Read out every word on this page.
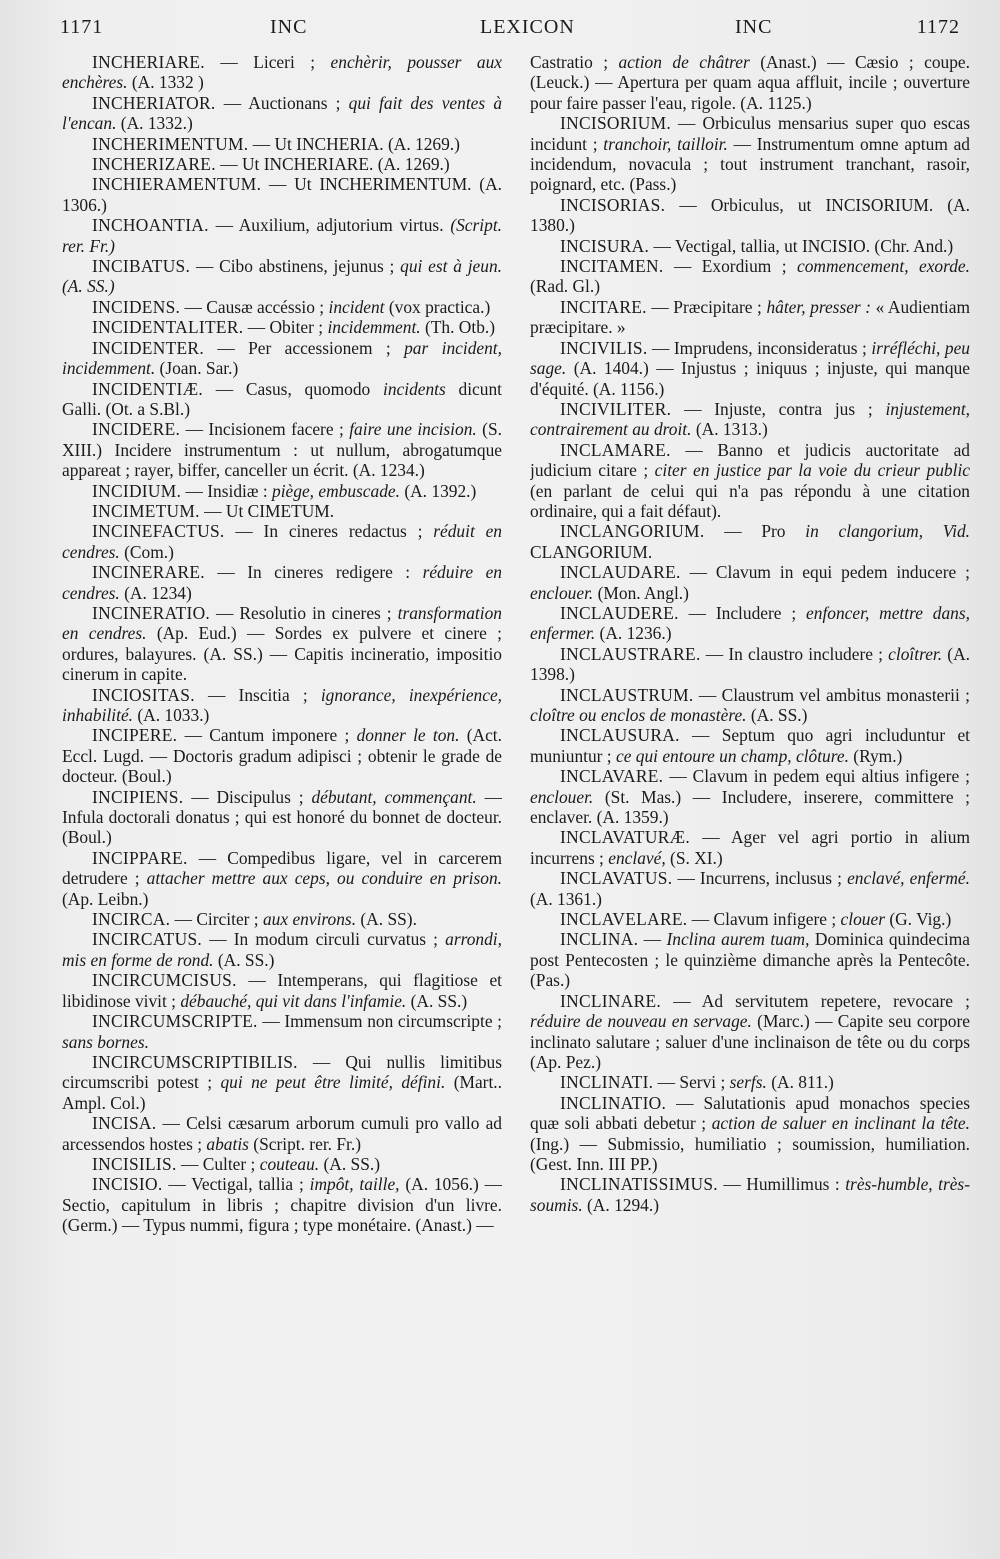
1171	INC	LEXICON	INC	1172

INCHERIARE. — Liceri ; enchèrir, pousser aux enchères. (A. 1332 )

INCHERIATOR. — Auctionans ; qui fait des ventes à l'encan. (A. 1332.)

INCHERIMENTUM. — Ut INCHERIA. (A. 1269.)

INCHERIZARE. — Ut INCHERIARE. (A. 1269.)

INCHIERAMENTUM. — Ut INCHERIMENTUM. (A. 1306.)

INCHOANTIA. — Auxilium, adjutorium virtus. (Script. rer. Fr.)

INCIBATUS. — Cibo abstinens, jejunus ; qui est à jeun. (A. SS.)

INCIDENS. — Causæ accéssio ; incident (vox practica.)

INCIDENTALITER. — Obiter ; incidemment. (Th. Otb.)

INCIDENTER. — Per accessionem ; par incident, incidemment. (Joan. Sar.)

INCIDENTIÆ. — Casus, quomodo incidents dicunt Galli. (Ot. a S.Bl.)

INCIDERE. — Incisionem facere ; faire une incision. (S. XIII.) Incidere instrumentum : ut nullum, abrogatumque appareat ; rayer, biffer, canceller un écrit. (A. 1234.)

INCIDIUM. — Insidiæ : piège, embuscade. (A. 1392.)

INCIMETUM. — Ut CIMETUM.

INCINEFACTUS. — In cineres redactus ; réduit en cendres. (Com.)

INCINERARE. — In cineres redigere : réduire en cendres. (A. 1234)

INCINERATIO. — Resolutio in cineres ; transformation en cendres. (Ap. Eud.) — Sordes ex pulvere et cinere ; ordures, balayures. (A. SS.) — Capitis incineratio, impositio cinerum in capite.

INCIOSITAS. — Inscitia ; ignorance, inexpérience, inhabilité. (A. 1033.)

INCIPERE. — Cantum imponere ; donner le ton. (Act. Eccl. Lugd. — Doctoris gradum adipisci ; obtenir le grade de docteur. (Boul.)

INCIPIENS. — Discipulus ; débutant, commençant. — Infula doctorali donatus ; qui est honoré du bonnet de docteur. (Boul.)

INCIPPARE. — Compedibus ligare, vel in carcerem detrudere ; attacher mettre aux ceps, ou conduire en prison. (Ap. Leibn.)

INCIRCA. — Circiter ; aux environs. (A. SS).

INCIRCATUS. — In modum circuli curvatus ; arrondi, mis en forme de rond. (A. SS.)

INCIRCUMCISUS. — Intemperans, qui flagitiose et libidinose vivit ; débauché, qui vit dans l'infamie. (A. SS.)

INCIRCUMSCRIPTE. — Immensum non circumscripte ; sans bornes.

INCIRCUMSCRIPTIBILIS. — Qui nullis limitibus circumscribi potest ; qui ne peut être limité, défini. (Mart.. Ampl. Col.)

INCISA. — Celsi cæsarum arborum cumuli pro vallo ad arcessendos hostes ; abatis (Script. rer. Fr.)

INCISILIS. — Culter ; couteau. (A. SS.)

INCISIO. — Vectigal, tallia ; impôt, taille, (A. 1056.) — Sectio, capitulum in libris ; chapitre division d'un livre. (Germ.) — Typus nummi, figura ; type monétaire. (Anast.) —

Castratio ; action de châtrer (Anast.) — Cæsio ; coupe. (Leuck.) — Apertura per quam aqua affluit, incile ; ouverture pour faire passer l'eau, rigole. (A. 1125.)

INCISORIUM. — Orbiculus mensarius super quo escas incidunt ; tranchoir, tailloir. — Instrumentum omne aptum ad incidendum, novacula ; tout instrument tranchant, rasoir, poignard, etc. (Pass.)

INCISORIAS. — Orbiculus, ut INCISORIUM. (A. 1380.)

INCISURA. — Vectigal, tallia, ut INCISIO. (Chr. And.)

INCITAMEN. — Exordium ; commencement, exorde. (Rad. Gl.)

INCITARE. — Præcipitare ; hâter, presser : « Audientiam præcipitare. »

INCIVILIS. — Imprudens, inconsideratus ; irréfléchi, peu sage. (A. 1404.) — Injustus ; iniquus ; injuste, qui manque d'équité. (A. 1156.)

INCIVILITER. — Injuste, contra jus ; injustement, contrairement au droit. (A. 1313.)

INCLAMARE. — Banno et judicis auctoritate ad judicium citare ; citer en justice par la voie du crieur public (en parlant de celui qui n'a pas répondu à une citation ordinaire, qui a fait défaut).

INCLANGORIUM. — Pro in clangorium, Vid. CLANGORIUM.

INCLAUDARE. — Clavum in equi pedem inducere ; enclouer. (Mon. Angl.)

INCLAUDERE. — Includere ; enfoncer, mettre dans, enfermer. (A. 1236.)

INCLAUSTRARE. — In claustro includere ; cloîtrer. (A. 1398.)

INCLAUSTRUM. — Claustrum vel ambitus monasterii ; cloître ou enclos de monastère. (A. SS.)

INCLAUSURA. — Septum quo agri includuntur et muniuntur ; ce qui entoure un champ, clôture. (Rym.)

INCLAVARE. — Clavum in pedem equi altius infigere ; enclouer. (St. Mas.) — Includere, inserere, committere ; enclaver. (A. 1359.)

INCLAVATURÆ. — Ager vel agri portio in alium incurrens ; enclavé, (S. XI.)

INCLAVATUS. — Incurrens, inclusus ; enclavé, enfermé. (A. 1361.)

INCLAVELARE. — Clavum infigere ; clouer (G. Vig.)

INCLINA. — Inclina aurem tuam, Dominica quindecima post Pentecosten ; le quinzième dimanche après la Pentecôte. (Pas.)

INCLINARE. — Ad servitutem repetere, revocare ; réduire de nouveau en servage. (Marc.) — Capite seu corpore inclinato salutare ; saluer d'une inclinaison de tête ou du corps (Ap. Pez.)

INCLINATI. — Servi ; serfs. (A. 811.)

INCLINATIO. — Salutationis apud monachos species quæ soli abbati debetur ; action de saluer en inclinant la tête. (Ing.) — Submissio, humiliatio ; soumission, humiliation. (Gest. Inn. III PP.)

INCLINATISSIMUS. — Humillimus : très-humble, très-soumis. (A. 1294.)
